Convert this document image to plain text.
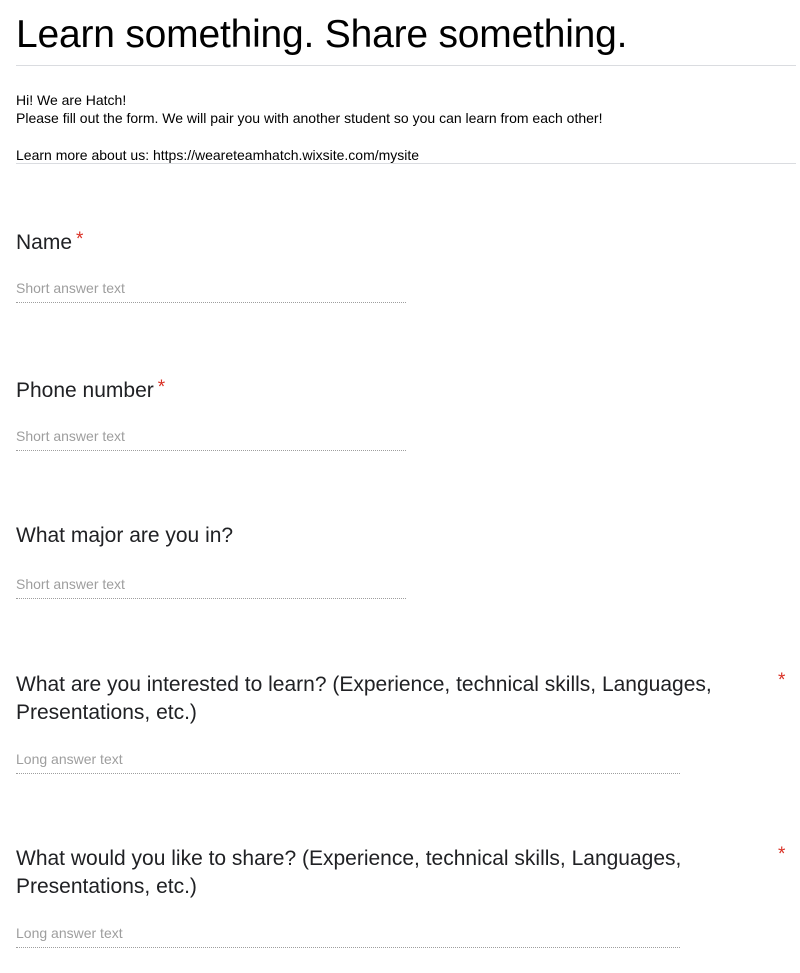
Learn something. Share something.
Hi! We are Hatch!
Please fill out the form. We will pair you with another student so you can learn from each other!
Learn more about us: https://weareteamhatch.wixsite.com/mysite
Name *
Short answer text
Phone number *
Short answer text
What major are you in?
Short answer text
What are you interested to learn? (Experience, technical skills, Languages, Presentations, etc.)
*
Long answer text
What would you like to share? (Experience, technical skills, Languages, Presentations, etc.)
*
Long answer text
